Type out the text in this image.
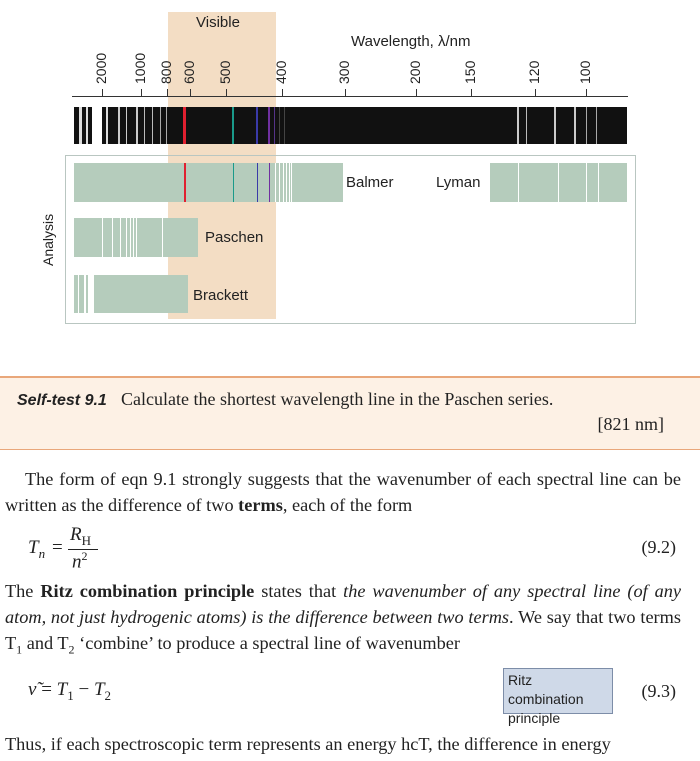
Visible
Wavelength, λ/nm
2000 1000 800 600 500	400	300	200	150	120	100
Analysis
Balmer	Lyman
Paschen
Brackett
Self-test 9.1 Calculate the shortest wavelength line in the Paschen series.
[821 nm]
The form of eqn 9.1 strongly suggests that the wavenumber of each spectral line can be written as the difference of two terms, each of the form
$T_n$ =
$R_H$
$n^2$	(9.2)
The Ritz combination principle states that the wavenumber of any spectral line (of any atom, not just hydrogenic atoms) is the difference between two terms. We say that two terms $T_1$ and $T_2$ ‘combine’ to produce a spectral line of wavenumber
ν̃ = $T_1 - T_2$
Ritz combination principle
(9.3)
Thus, if each spectroscopic term represents an energy hcT, the difference in energy
